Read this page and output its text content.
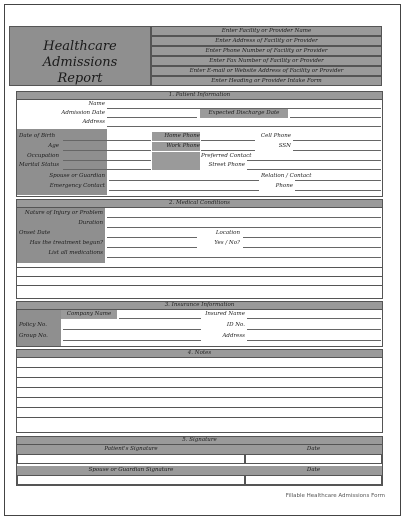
Healthcare Admissions
Report
Enter Facility or Provider Name
Enter Address of Facility or Provider
Enter Phone Number of Facility or Provider
Enter Fax Number of Facility or Provider
Enter E-mail or Website Address of Facility or Provider
Enter Heading or Provider Intake Form
1. Patient Information
Name
Admission Date	Expected Discharge Date
Address
Date of Birth	Home Phone	Cell Phone
Age	Work Phone	SSN
Occupation	Preferred Contact
Marital Status	Street Phone
Spouse or Guardian	Relation / Contact
Emergency Contact	Phone
2. Medical Conditions
Nature of Injury or Problem
Duration
Onset Date	Location
Has the treatment begun?	Yes / No?
List all medications
3. Insurance Information
Company Name	Insured Name
Policy No.	ID No.
Group No.	Address
4. Notes
5. Signature
Patient's Signature	Date
Spouse or Guardian Signature	Date
Fillable Healthcare Admissions Form
